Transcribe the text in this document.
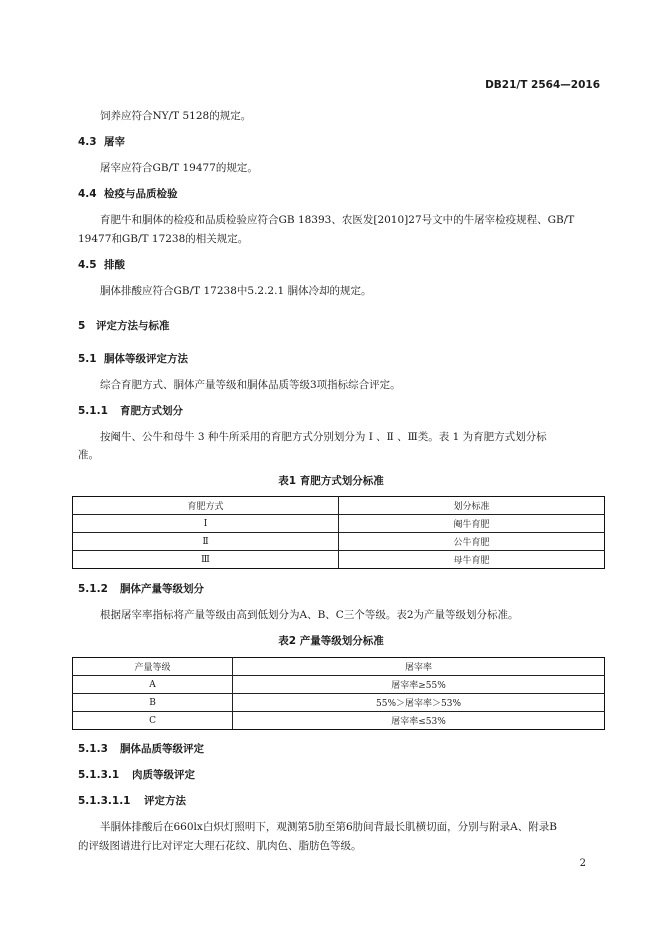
DB21/T 2564—2016
饲养应符合NY/T 5128的规定。
4.3 屠宰
屠宰应符合GB/T 19477的规定。
4.4 检疫与品质检验
育肥牛和胴体的检疫和品质检验应符合GB 18393、农医发[2010]27号文中的牛屠宰检疫规程、GB/T
19477和GB/T 17238的相关规定。
4.5 排酸
胴体排酸应符合GB/T 17238中5.2.2.1 胴体冷却的规定。
5 评定方法与标准
5.1 胴体等级评定方法
综合育肥方式、胴体产量等级和胴体品质等级3项指标综合评定。
5.1.1 育肥方式划分
按阉牛、公牛和母牛 3 种牛所采用的育肥方式分别划分为 Ⅰ 、Ⅱ 、Ⅲ类。表 1 为育肥方式划分标
准。
表1 育肥方式划分标准
育肥方式	划分标准
Ⅰ	阉牛育肥
Ⅱ	公牛育肥
Ⅲ	母牛育肥
5.1.2 胴体产量等级划分
根据屠宰率指标将产量等级由高到低划分为A、B、C三个等级。表2为产量等级划分标准。
表2 产量等级划分标准
产量等级	屠宰率
A	屠宰率≥55%
B	55%＞屠宰率＞53%
C	屠宰率≤53%
5.1.3 胴体品质等级评定
5.1.3.1 肉质等级评定
5.1.3.1.1 评定方法
半胴体排酸后在660lx白炽灯照明下，观测第5肋至第6肋间背最长肌横切面，分别与附录A、附录B
的评级图谱进行比对评定大理石花纹、肌肉色、脂肪色等级。
2
